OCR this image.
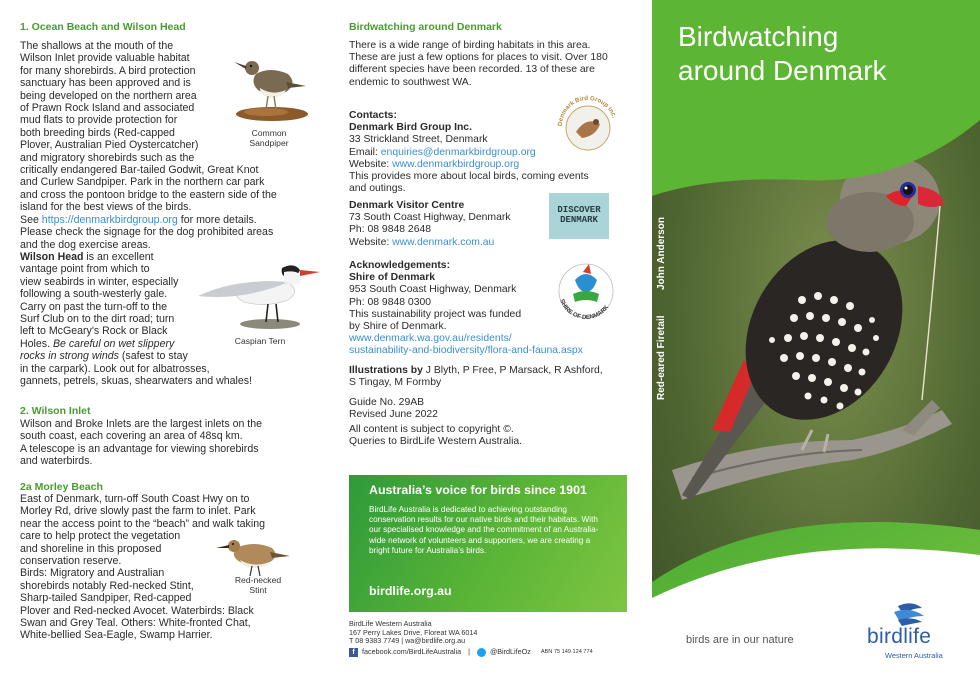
1. Ocean Beach and Wilson Head

The shallows at the mouth of the

Wilson Inlet provide valuable habitat

for many shorebirds. A bird protection

sanctuary has been approved and is

being developed on the northern area

of Prawn Rock Island and associated

mud flats to provide protection for

both breeding birds (Red-capped

Plover, Australian Pied Oystercatcher)

and migratory shorebirds such as the

critically endangered Bar-tailed Godwit, Great Knot

and Curlew Sandpiper. Park in the northern car park

and cross the pontoon bridge to the eastern side of the

island for the best views of the birds.

See https://denmarkbirdgroup.org for more details.

Please check the signage for the dog prohibited areas

and the dog exercise areas.

Wilson Head is an excellent

vantage point from which to

view seabirds in winter, especially

following a south-westerly gale.

Carry on past the turn-off to the

Surf Club on to the dirt road; turn

left to McGeary's Rock or Black

Holes. Be careful on wet slippery

rocks in strong winds (safest to stay

in the carpark). Look out for albatrosses,

gannets, petrels, skuas, shearwaters and whales!

Common
Sandpiper
Caspian Tern
2. Wilson Inlet

Wilson and Broke Inlets are the largest inlets on the

south coast, each covering an area of 48sq km.

A telescope is an advantage for viewing shorebirds

and waterbirds.

2a Morley Beach

East of Denmark, turn-off South Coast Hwy on to

Morley Rd, drive slowly past the farm to inlet. Park

near the access point to the “beach” and walk taking

care to help protect the vegetation

and shoreline in this proposed

conservation reserve.

Birds: Migratory and Australian

shorebirds notably Red-necked Stint,

Sharp-tailed Sandpiper, Red-capped

Plover and Red-necked Avocet. Waterbirds: Black

Swan and Grey Teal. Others: White-fronted Chat,

White-bellied Sea-Eagle, Swamp Harrier.

Red-necked
Stint
Birdwatching around Denmark

There is a wide range of birding habitats in this area.

These are just a few options for places to visit. Over 180

different species have been recorded. 13 of these are

endemic to southwest WA.

Contacts:

Denmark Bird Group Inc.

33 Strickland Street, Denmark

Email: enquiries@denmarkbirdgroup.org

Website: www.denmarkbirdgroup.org

This provides more about local birds, coming events

and outings.

Denmark Bird Group Inc.

Denmark Visitor Centre

73 South Coast Highway, Denmark

Ph: 08 9848 2648

Website: www.denmark.com.au

DISCOVER
DENMARK

Acknowledgements:

Shire of Denmark

953 South Coast Highway, Denmark

Ph: 08 9848 0300

This sustainability project was funded

by Shire of Denmark.

www.denmark.wa.gov.au/residents/

sustainability-and-biodiversity/flora-and-fauna.aspx

SHIRE OF DENMARK

Illustrations by J Blyth, P Free, P Marsack, R Ashford,

S Tingay, M Formby

Guide No. 29AB

Revised June 2022

All content is subject to copyright ©.

Queries to BirdLife Western Australia.

Australia’s voice for birds since 1901
BirdLife Australia is dedicated to achieving outstanding conservation results for our native birds and their habitats. With our specialised knowledge and the commitment of an Australia-wide network of volunteers and supporters, we are creating a bright future for Australia’s birds.
birdlife.org.au

BirdLife Western Australia

167 Perry Lakes Drive, Floreat WA 6014

T 08 9383 7749 | wa@birdlife.org.au

f	facebook.com/BirdLifeAustralia |	@BirdLifeOz ABN 75 149 124 774

Birdwatching
around Denmark
Red-eared Firetail
John Anderson
birds are in our nature	birdlife
Western Australia
